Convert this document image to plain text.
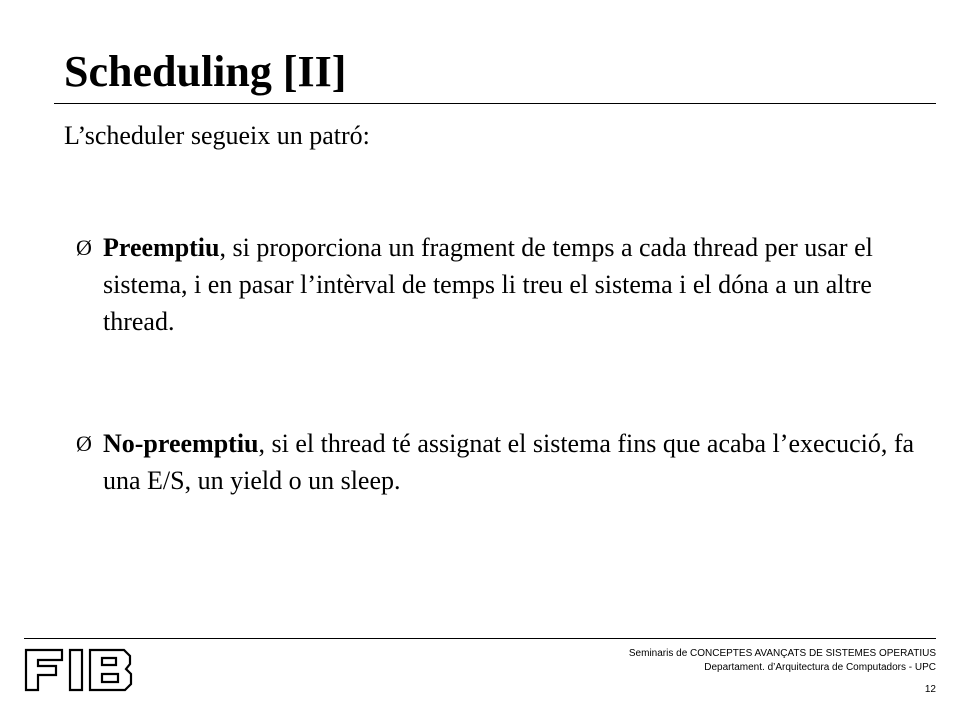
Scheduling [II]

L’scheduler segueix un patró:

Ø Preemptiu, si proporciona un fragment de temps a cada thread per usar el sistema, i en pasar l’intèrval de temps li treu el sistema i el dóna a un altre thread.

Ø No-preemptiu, si el thread té assignat el sistema fins que acaba l’execució, fa una E/S, un yield o un sleep.

Seminaris de CONCEPTES AVANÇATS DE SISTEMES OPERATIUS
Departament. d’Arquitectura de Computadors - UPC
12
